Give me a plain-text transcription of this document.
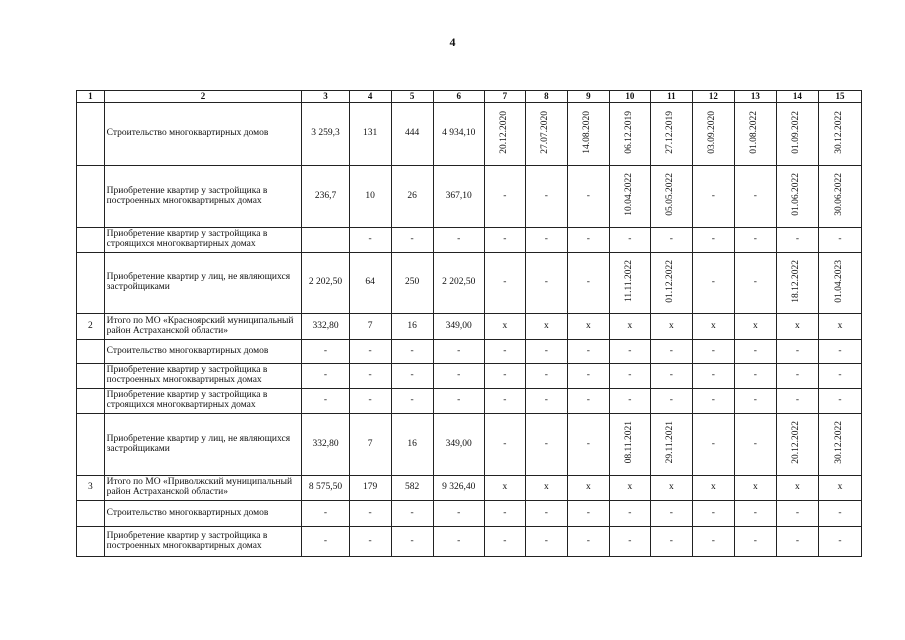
4
1	2	3	4	5	6	7	8	9	10	11	12	13	14	15
	Строительство многоквартирных домов	3 259,3	131	444	4 934,10	20.12.2020	27.07.2020	14.08.2020	06.12.2019	27.12.2019	03.09.2020	01.08.2022	01.09.2022	30.12.2022
	Приобретение квартир у застройщика в построенных многоквартирных домах	236,7	10	26	367,10	-	-	-	10.04.2022	05.05.2022	-	-	01.06.2022	30.06.2022
	Приобретение квартир у застройщика в строящихся многоквартирных домах		-	-	-	-	-	-	-	-	-	-	-	-
	Приобретение квартир у лиц, не являющихся застройщиками	2 202,50	64	250	2 202,50	-	-	-	11.11.2022	01.12.2022	-	-	18.12.2022	01.04.2023
2	Итого по МО «Красноярский муниципальный район Астраханской области»	332,80	7	16	349,00	x	x	x	x	x	x	x	x	x
	Строительство многоквартирных домов	-	-	-	-	-	-	-	-	-	-	-	-	-
	Приобретение квартир у застройщика в построенных многоквартирных домах	-	-	-	-	-	-	-	-	-	-	-	-	-
	Приобретение квартир у застройщика в строящихся многоквартирных домах	-	-	-	-	-	-	-	-	-	-	-	-	-
	Приобретение квартир у лиц, не являющихся застройщиками	332,80	7	16	349,00	-	-	-	08.11.2021	29.11.2021	-	-	20.12.2022	30.12.2022
3	Итого по МО «Приволжский муниципальный район Астраханской области»	8 575,50	179	582	9 326,40	x	x	x	x	x	x	x	x	x
	Строительство многоквартирных домов	-	-	-	-	-	-	-	-	-	-	-	-	-
	Приобретение квартир у застройщика в построенных многоквартирных домах	-	-	-	-	-	-	-	-	-	-	-	-	-
